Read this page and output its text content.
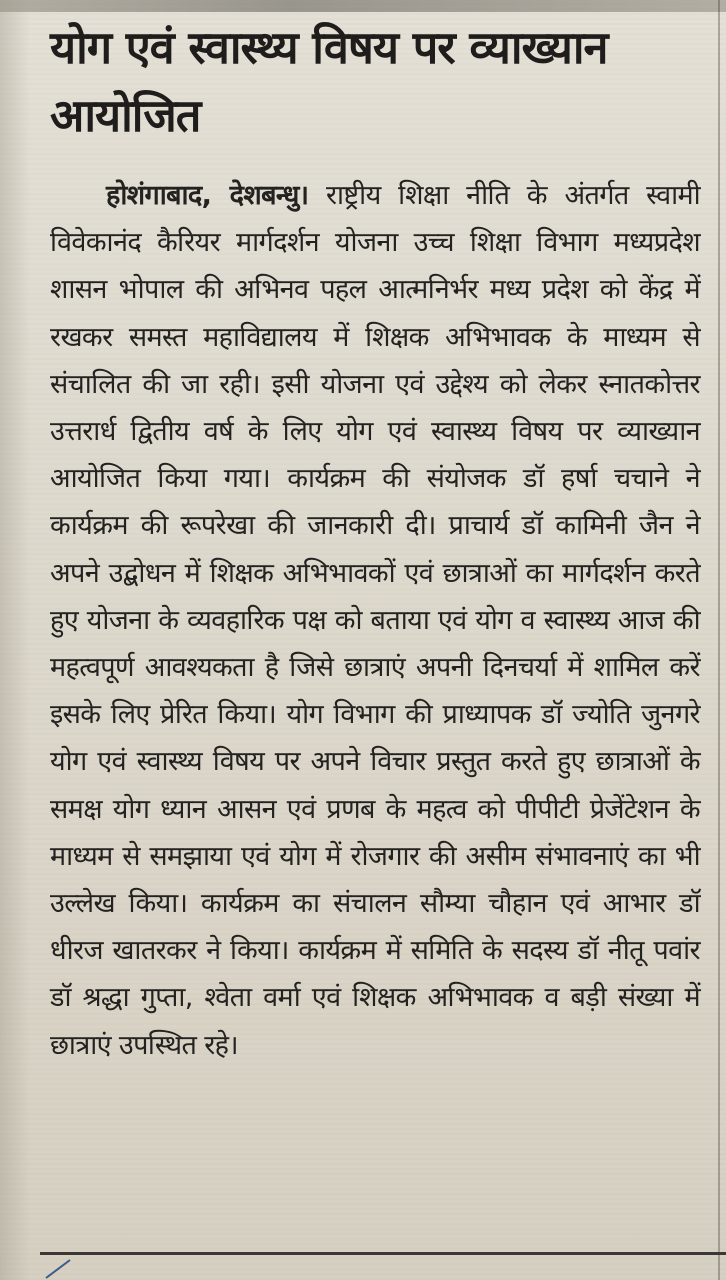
योग एवं स्वास्थ्य विषय पर व्याख्यान आयोजित

होशंगाबाद, देशबन्धु। राष्ट्रीय शिक्षा नीति के अंतर्गत स्वामी विवेकानंद कैरियर मार्गदर्शन योजना उच्च शिक्षा विभाग मध्यप्रदेश शासन भोपाल की अभिनव पहल आत्मनिर्भर मध्य प्रदेश को केंद्र में रखकर समस्त महाविद्यालय में शिक्षक अभिभावक के माध्यम से संचालित की जा रही। इसी योजना एवं उद्देश्य को लेकर स्नातकोत्तर उत्तरार्ध द्वितीय वर्ष के लिए योग एवं स्वास्थ्य विषय पर व्याख्यान आयोजित किया गया। कार्यक्रम की संयोजक डॉ हर्षा चचाने ने कार्यक्रम की रूपरेखा की जानकारी दी। प्राचार्य डॉ कामिनी जैन ने अपने उद्बोधन में शिक्षक अभिभावकों एवं छात्राओं का मार्गदर्शन करते हुए योजना के व्यवहारिक पक्ष को बताया एवं योग व स्वास्थ्य आज की महत्वपूर्ण आवश्यकता है जिसे छात्राएं अपनी दिनचर्या में शामिल करें इसके लिए प्रेरित किया। योग विभाग की प्राध्यापक डॉ ज्योति जुनगरे योग एवं स्वास्थ्य विषय पर अपने विचार प्रस्तुत करते हुए छात्राओं के समक्ष योग ध्यान आसन एवं प्रणब के महत्व को पीपीटी प्रेजेंटेशन के माध्यम से समझाया एवं योग में रोजगार की असीम संभावनाएं का भी उल्लेख किया। कार्यक्रम का संचालन सौम्या चौहान एवं आभार डॉ धीरज खातरकर ने किया। कार्यक्रम में समिति के सदस्य डॉ नीतू पवांर डॉ श्रद्धा गुप्ता, श्वेता वर्मा एवं शिक्षक अभिभावक व बड़ी संख्या में छात्राएं उपस्थित रहे।
